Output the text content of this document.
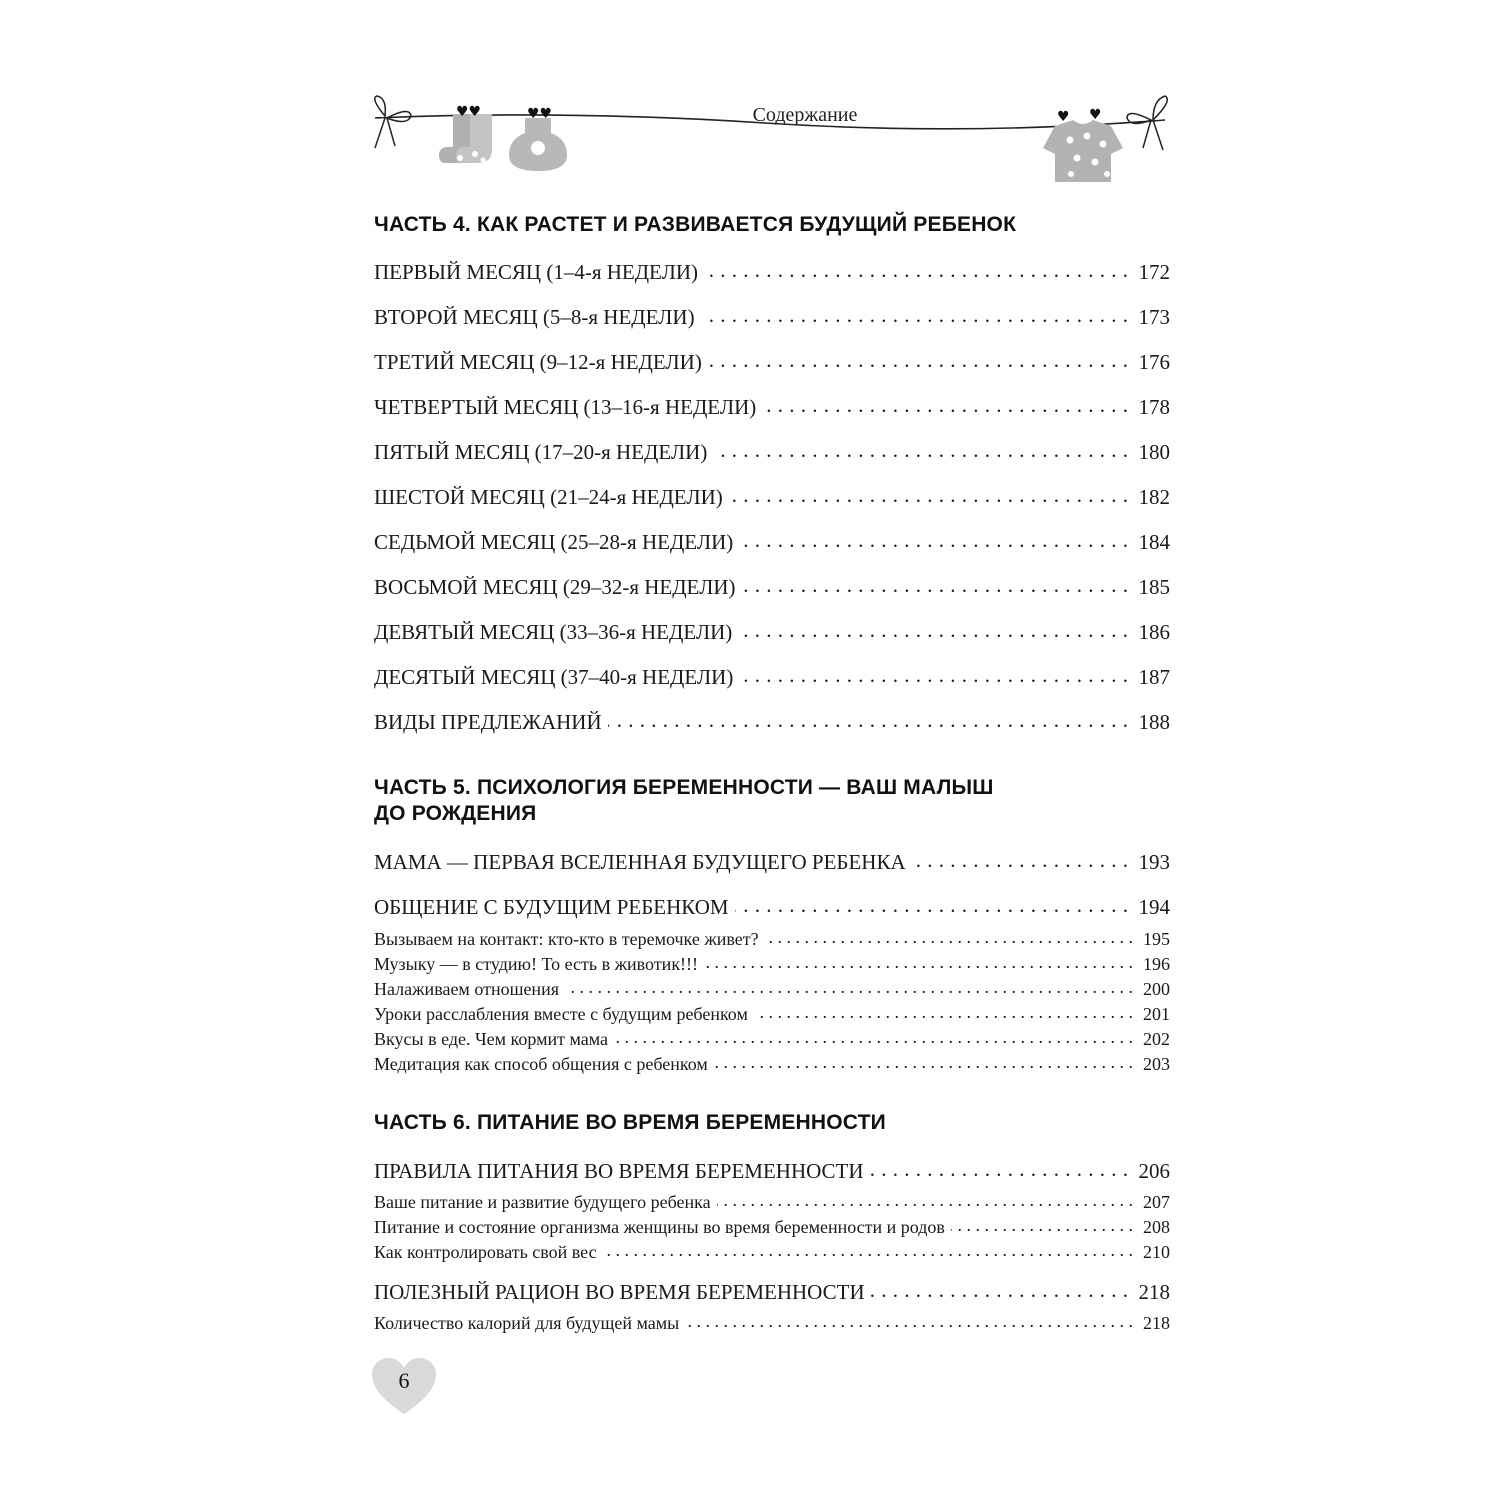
♥♥	♥♥	♥ ♥
Содержание
ЧАСТЬ 4. КАК РАСТЕТ И РАЗВИВАЕТСЯ БУДУЩИЙ РЕБЕНОК
ПЕРВЫЙ МЕСЯЦ (1–4-я НЕДЕЛИ) . . .	172
ВТОРОЙ МЕСЯЦ (5–8-я НЕДЕЛИ) . . .	173
ТРЕТИЙ МЕСЯЦ (9–12-я НЕДЕЛИ) . . .	176
ЧЕТВЕРТЫЙ МЕСЯЦ (13–16-я НЕДЕЛИ) . . .	178
ПЯТЫЙ МЕСЯЦ (17–20-я НЕДЕЛИ) . . .	180
ШЕСТОЙ МЕСЯЦ (21–24-я НЕДЕЛИ) . . .	182
СЕДЬМОЙ МЕСЯЦ (25–28-я НЕДЕЛИ) . . .	184
ВОСЬМОЙ МЕСЯЦ (29–32-я НЕДЕЛИ) . . .	185
ДЕВЯТЫЙ МЕСЯЦ (33–36-я НЕДЕЛИ) . . .	186
ДЕСЯТЫЙ МЕСЯЦ (37–40-я НЕДЕЛИ) . . .	187
ВИДЫ ПРЕДЛЕЖАНИЙ . . .	188
ЧАСТЬ 5. ПСИХОЛОГИЯ БЕРЕМЕННОСТИ — ВАШ МАЛЫШ
ДО РОЖДЕНИЯ
МАМА — ПЕРВАЯ ВСЕЛЕННАЯ БУДУЩЕГО РЕБЕНКА . . .	193
ОБЩЕНИЕ С БУДУЩИМ РЕБЕНКОМ . . .	194
Вызываем на контакт: кто-кто в теремочке живет? . . .	195
Музыку — в студию! То есть в животик!!! . . .	196
Налаживаем отношения . . .	200
Уроки расслабления вместе с будущим ребенком . . .	201
Вкусы в еде. Чем кормит мама . . .	202
Медитация как способ общения с ребенком . . .	203
ЧАСТЬ 6. ПИТАНИЕ ВО ВРЕМЯ БЕРЕМЕННОСТИ
ПРАВИЛА ПИТАНИЯ ВО ВРЕМЯ БЕРЕМЕННОСТИ . . .	206
Ваше питание и развитие будущего ребенка . . .	207
Питание и состояние организма женщины во время беременности и родов . . .	208
Как контролировать свой вес . . .	210
ПОЛЕЗНЫЙ РАЦИОН ВО ВРЕМЯ БЕРЕМЕННОСТИ . . .	218
Количество калорий для будущей мамы . . .	218
6
